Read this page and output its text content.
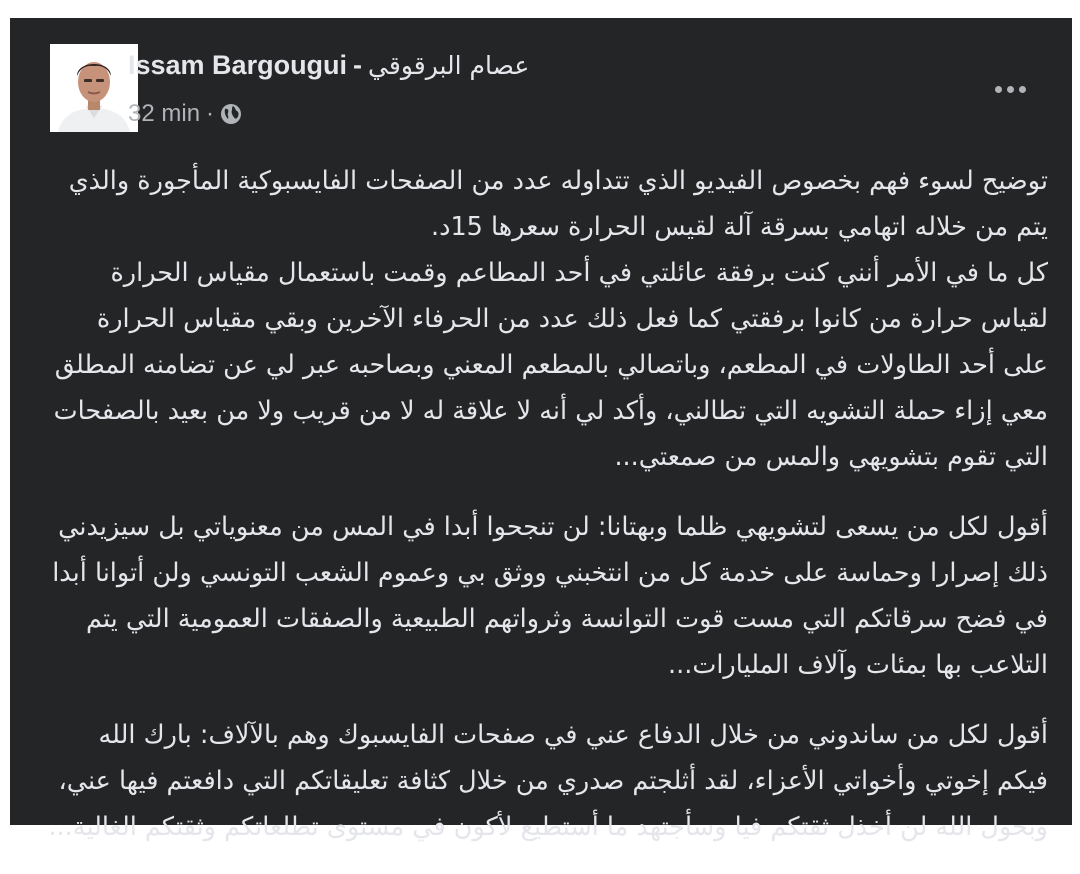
Issam Bargougui - عصام البرقوقي
32 min ·

توضيح لسوء فهم بخصوص الفيديو الذي تتداوله عدد من الصفحات الفايسبوكية المأجورة والذي يتم من خلاله اتهامي بسرقة آلة لقيس الحرارة سعرها 15د.
كل ما في الأمر أنني كنت برفقة عائلتي في أحد المطاعم وقمت باستعمال مقياس الحرارة لقياس حرارة من كانوا برفقتي كما فعل ذلك عدد من الحرفاء الآخرين وبقي مقياس الحرارة على أحد الطاولات في المطعم، وباتصالي بالمطعم المعني وبصاحبه عبر لي عن تضامنه المطلق معي إزاء حملة التشويه التي تطالني، وأكد لي أنه لا علاقة له لا من قريب ولا من بعيد بالصفحات التي تقوم بتشويهي والمس من صمعتي...

أقول لكل من يسعى لتشويهي ظلما وبهتانا: لن تنجحوا أبدا في المس من معنوياتي بل سيزيدني ذلك إصرارا وحماسة على خدمة كل من انتخبني ووثق بي وعموم الشعب التونسي ولن أتوانا أبدا في فضح سرقاتكم التي مست قوت التوانسة وثرواتهم الطبيعية والصفقات العمومية التي يتم التلاعب بها بمئات وآلاف المليارات...

أقول لكل من ساندوني من خلال الدفاع عني في صفحات الفايسبوك وهم بالآلاف: بارك الله فيكم إخوتي وأخواتي الأعزاء، لقد أثلجتم صدري من خلال كثافة تعليقاتكم التي دافعتم فيها عني، وبحول الله لن أخذل ثقتكم فيا وسأجتهد ما أستطيع لأكون في مستوى تطلعاتكم وثقتكم الغالية...
